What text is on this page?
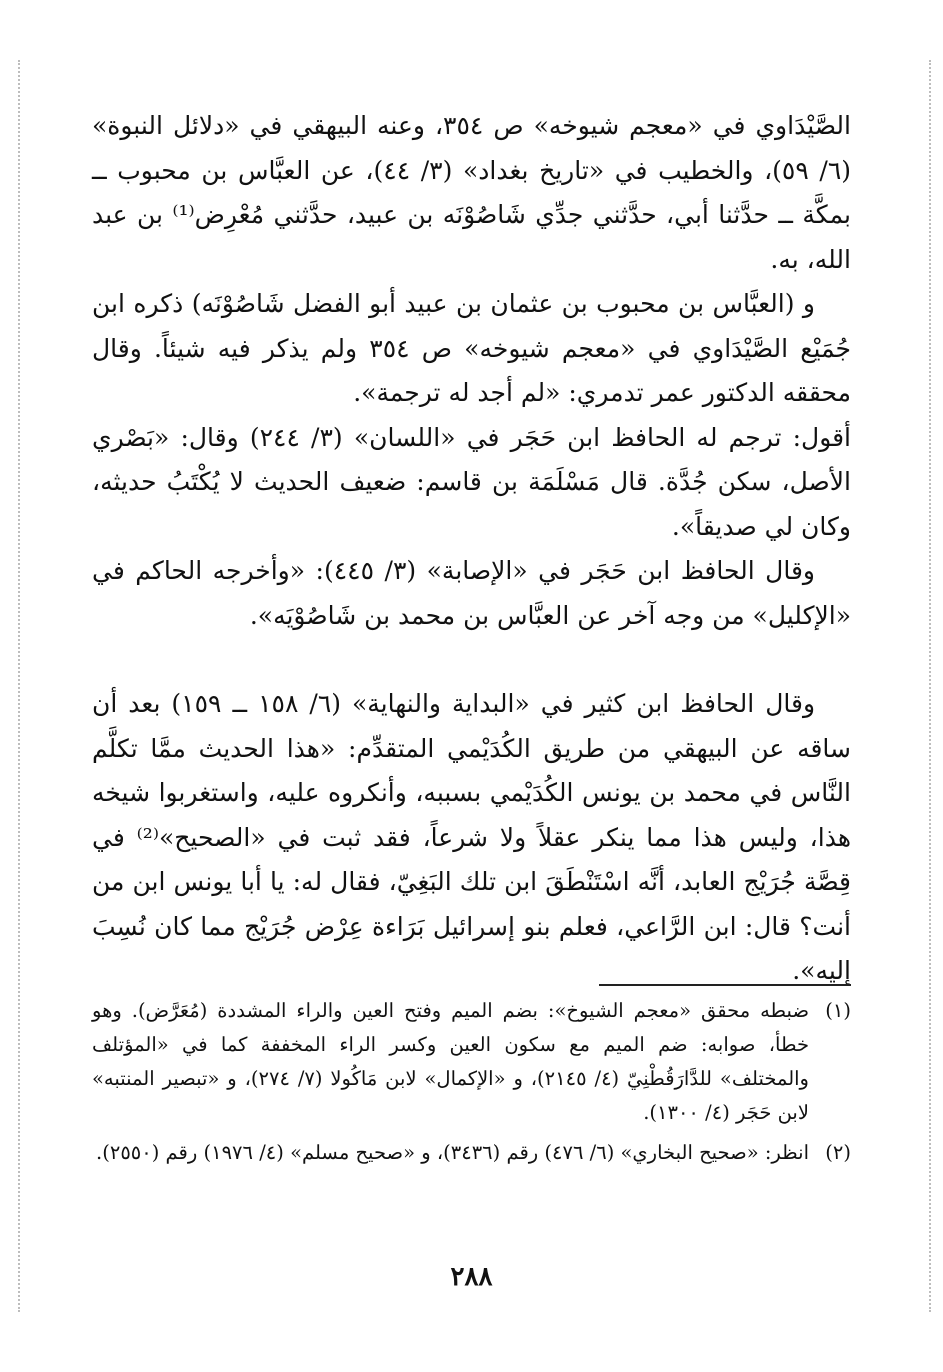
الصَّيْدَاوي في «معجم شيوخه» ص ٣٥٤، وعنه البيهقي في «دلائل النبوة» (٦/ ٥٩)، والخطيب في «تاريخ بغداد» (٣/ ٤٤)، عن العبَّاس بن محبوب ــ بمكَّة ــ حدَّثنا أبي، حدَّثني جدِّي شَاصُوْنَه بن عبيد، حدَّثني مُعْرِض⁽¹⁾ بن عبد الله، به.

و (العبَّاس بن محبوب بن عثمان بن عبيد أبو الفضل شَاصُوْنَه) ذكره ابن جُمَيْع الصَّيْدَاوي في «معجم شيوخه» ص ٣٥٤ ولم يذكر فيه شيئاً. وقال محققه الدكتور عمر تدمري: «لم أجد له ترجمة».

أقول: ترجم له الحافظ ابن حَجَر في «اللسان» (٣/ ٢٤٤) وقال: «بَصْري الأصل، سكن جُدَّة. قال مَسْلَمَة بن قاسم: ضعيف الحديث لا يُكْتَبُ حديثه، وكان لي صديقاً».

وقال الحافظ ابن حَجَر في «الإصابة» (٣/ ٤٤٥): «وأخرجه الحاكم في «الإكليل» من وجه آخر عن العبَّاس بن محمد بن شَاصُوْيَه».

وقال الحافظ ابن كثير في «البداية والنهاية» (٦/ ١٥٨ ــ ١٥٩) بعد أن ساقه عن البيهقي من طريق الكُدَيْمي المتقدِّم: «هذا الحديث ممَّا تكلَّم النَّاس في محمد بن يونس الكُدَيْمي بسببه، وأنكروه عليه، واستغربوا شيخه هذا، وليس هذا مما ينكر عقلاً ولا شرعاً، فقد ثبت في «الصحيح»⁽²⁾ في قِصَّة جُرَيْج العابد، أنَّه اسْتَنْطَقَ ابن تلك البَغِيّ، فقال له: يا أبا يونس ابن من أنت؟ قال: ابن الرَّاعي، فعلم بنو إسرائيل بَرَاءة عِرْض جُرَيْج مما كان نُسِبَ إليه».

(١)
ضبطه محقق «معجم الشيوخ»: بضم الميم وفتح العين والراء المشددة (مُعَرَّض). وهو خطأ، صوابه: ضم الميم مع سكون العين وكسر الراء المخففة كما في «المؤتلف والمختلف» للدَّارَقُطْنِيّ (٤/ ٢١٤٥)، و «الإكمال» لابن مَاكُولا (٧/ ٢٧٤)، و «تبصير المنتبه» لابن حَجَر (٤/ ١٣٠٠).
(٢)
انظر: «صحيح البخاري» (٦/ ٤٧٦) رقم (٣٤٣٦)، و «صحيح مسلم» (٤/ ١٩٧٦) رقم (٢٥٥٠).
٢٨٨
